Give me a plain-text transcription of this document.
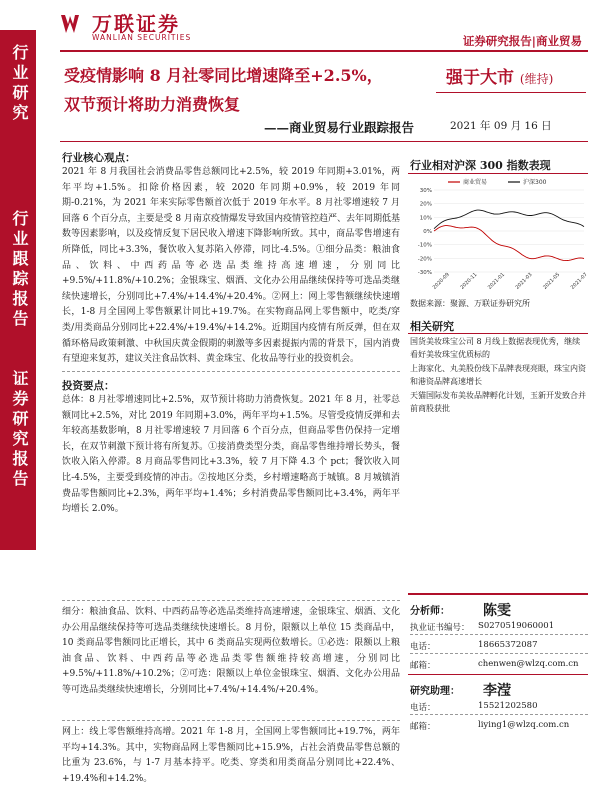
万联证券
WANLIAN SECURITIES	证券研究报告|商业贸易
行业研究
行业跟踪报告
证券研究报告
受疫情影响 8 月社零同比增速降至+2.5%，
双节预计将助力消费恢复
——商业贸易行业跟踪报告
强于大市 (维持)
2021 年 09 月 16 日
行业核心观点：
2021 年 8 月我国社会消费品零售总额同比+2.5%，较 2019 年同期+3.01%，两年平均+1.5%。扣除价格因素，较 2020 年同期+0.9%，较 2019 年同期-0.21%，为 2021 年来实际零售额首次低于 2019 年水平。8 月社零增速较 7 月回落 6 个百分点，主要是受 8 月南京疫情爆发导致国内疫情管控趋严、去年同期低基数等因素影响，以及疫情反复下居民收入增速下降影响所致。其中，商品零售增速有所降低，同比+3.3%，餐饮收入复苏陷入停滞，同比-4.5%。①细分品类：粮油食品、饮料、中西药品等必选品类维持高速增速，分别同比+9.5%/+11.8%/+10.2%；金银珠宝、烟酒、文化办公用品继续保持等可选品类继续快速增长，分别同比+7.4%/+14.4%/+20.4%。②网上：网上零售额继续快速增长，1-8 月全国网上零售额累计同比+19.7%。在实物商品网上零售额中，吃类/穿类/用类商品分别同比+22.4%/+19.4%/+14.2%。近期国内疫情有所反弹，但在双循环格局政策刺激、中秋国庆黄金假期的刺激等多因素提振内需的背景下，国内消费有望迎来复苏，建议关注食品饮料、黄金珠宝、化妆品等行业的投资机会。
投资要点：
总体：8 月社零增速同比+2.5%，双节预计将助力消费恢复。2021 年 8 月，社零总额同比+2.5%，对比 2019 年同期+3.0%，两年平均+1.5%。尽管受疫情反弹和去年较高基数影响，8 月社零增速较 7 月回落 6 个百分点，但商品零售仍保持一定增长，在双节刺激下预计将有所复苏。①接消费类型分类，商品零售维持增长势头，餐饮收入陷入停滞。8 月商品零售同比+3.3%，较 7 月下降 4.3 个 pct；餐饮收入同比-4.5%，主要受到疫情的冲击。②按地区分类，乡村增速略高于城镇。8 月城镇消费品零售额同比+2.3%，两年平均+1.4%；乡村消费品零售额同比+3.4%，两年平均增长 2.0%。
细分：粮油食品、饮料、中西药品等必选品类维持高速增速，金银珠宝、烟酒、文化办公用品继续保持等可选品类继续快速增长。8 月份，限额以上单位 15 类商品中，10 类商品零售额同比正增长，其中 6 类商品实现两位数增长。①必选：限额以上粮油食品、饮料、中西药品等必选品类零售额维持较高增速，分别同比+9.5%/+11.8%/+10.2%；②可选：限额以上单位金银珠宝、烟酒、文化办公用品等可选品类继续快速增长，分别同比+7.4%/+14.4%/+20.4%。
网上：线上零售额维持高增。2021 年 1-8 月，全国网上零售额同比+19.7%，两年平均+14.3%。其中，实物商品网上零售额同比+15.9%，占社会消费品零售总额的比重为 23.6%，与 1-7 月基本持平。吃类、穿类和用类商品分别同比+22.4%、+19.4%和+14.2%。
行业相对沪深 300 指数表现
30%
20%
10%
0%
-10%
-20%
-30% 2020-09 2020-11 2021-01 2021-03 2021-05 2021-07
商业贸易	沪深300
数据来源：聚源、万联证券研究所
相关研究
国货美妆珠宝公司 8 月线上数据表现优秀，继续看好美妆珠宝优质标的
上海家化、丸美股份线下品牌表现亮眼，珠宝内资和港资品牌高速增长
天猫国际发布美妆品牌孵化计划，玉新开发致合并前商股获批
分析师： 陈雯
执业证书编号： S0270519060001
电话：	18665372087
邮箱：	chenwen@wlzq.com.cn
研究助理： 李滢
电话：	15521202580
邮箱：	liying1@wlzq.com.cn
